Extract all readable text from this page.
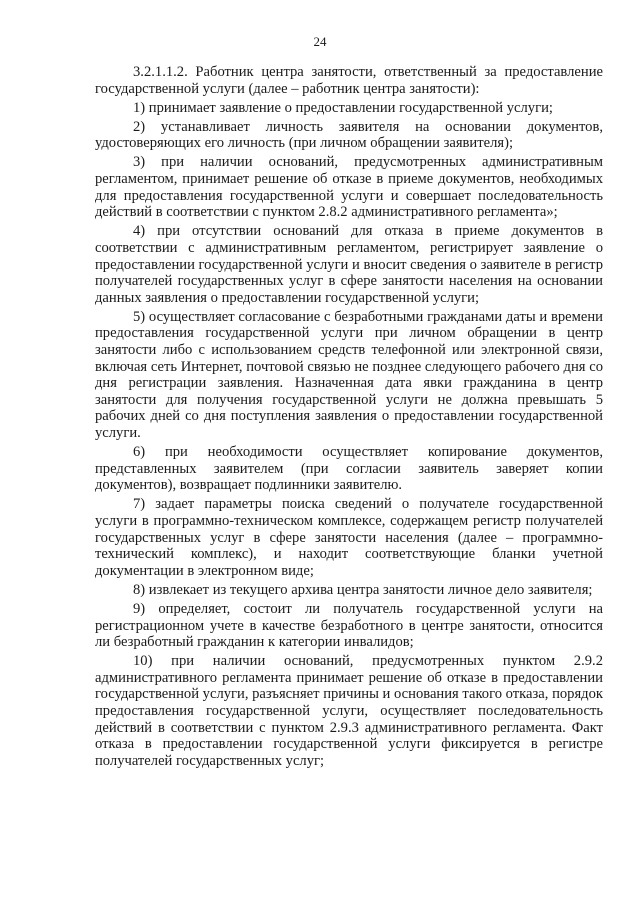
24

3.2.1.1.2. Работник центра занятости, ответственный за предоставление государственной услуги (далее – работник центра занятости):

1) принимает заявление о предоставлении государственной услуги;

2) устанавливает личность заявителя на основании документов, удостоверяющих его личность (при личном обращении заявителя);

3) при наличии оснований, предусмотренных административным регламентом, принимает решение об отказе в приеме документов, необходимых для предоставления государственной услуги и совершает последовательность действий в соответствии с пунктом 2.8.2 административного регламента»;

4) при отсутствии оснований для отказа в приеме документов в соответствии с административным регламентом, регистрирует заявление о предоставлении государственной услуги и вносит сведения о заявителе в регистр получателей государственных услуг в сфере занятости населения на основании данных заявления о предоставлении государственной услуги;

5) осуществляет согласование с безработными гражданами даты и времени предоставления государственной услуги при личном обращении в центр занятости либо с использованием средств телефонной или электронной связи, включая сеть Интернет, почтовой связью не позднее следующего рабочего дня со дня регистрации заявления. Назначенная дата явки гражданина в центр занятости для получения государственной услуги не должна превышать 5 рабочих дней со дня поступления заявления о предоставлении государственной услуги.

6) при необходимости осуществляет копирование документов, представленных заявителем (при согласии заявитель заверяет копии документов), возвращает подлинники заявителю.

7) задает параметры поиска сведений о получателе государственной услуги в программно-техническом комплексе, содержащем регистр получателей государственных услуг в сфере занятости населения (далее – программно-технический комплекс), и находит соответствующие бланки учетной документации в электронном виде;

8) извлекает из текущего архива центра занятости личное дело заявителя;

9) определяет, состоит ли получатель государственной услуги на регистрационном учете в качестве безработного в центре занятости, относится ли безработный гражданин к категории инвалидов;

10) при наличии оснований, предусмотренных пунктом 2.9.2 административного регламента принимает решение об отказе в предоставлении государственной услуги, разъясняет причины и основания такого отказа, порядок предоставления государственной услуги, осуществляет последовательность действий в соответствии с пунктом 2.9.3 административного регламента. Факт отказа в предоставлении государственной услуги фиксируется в регистре получателей государственных услуг;
